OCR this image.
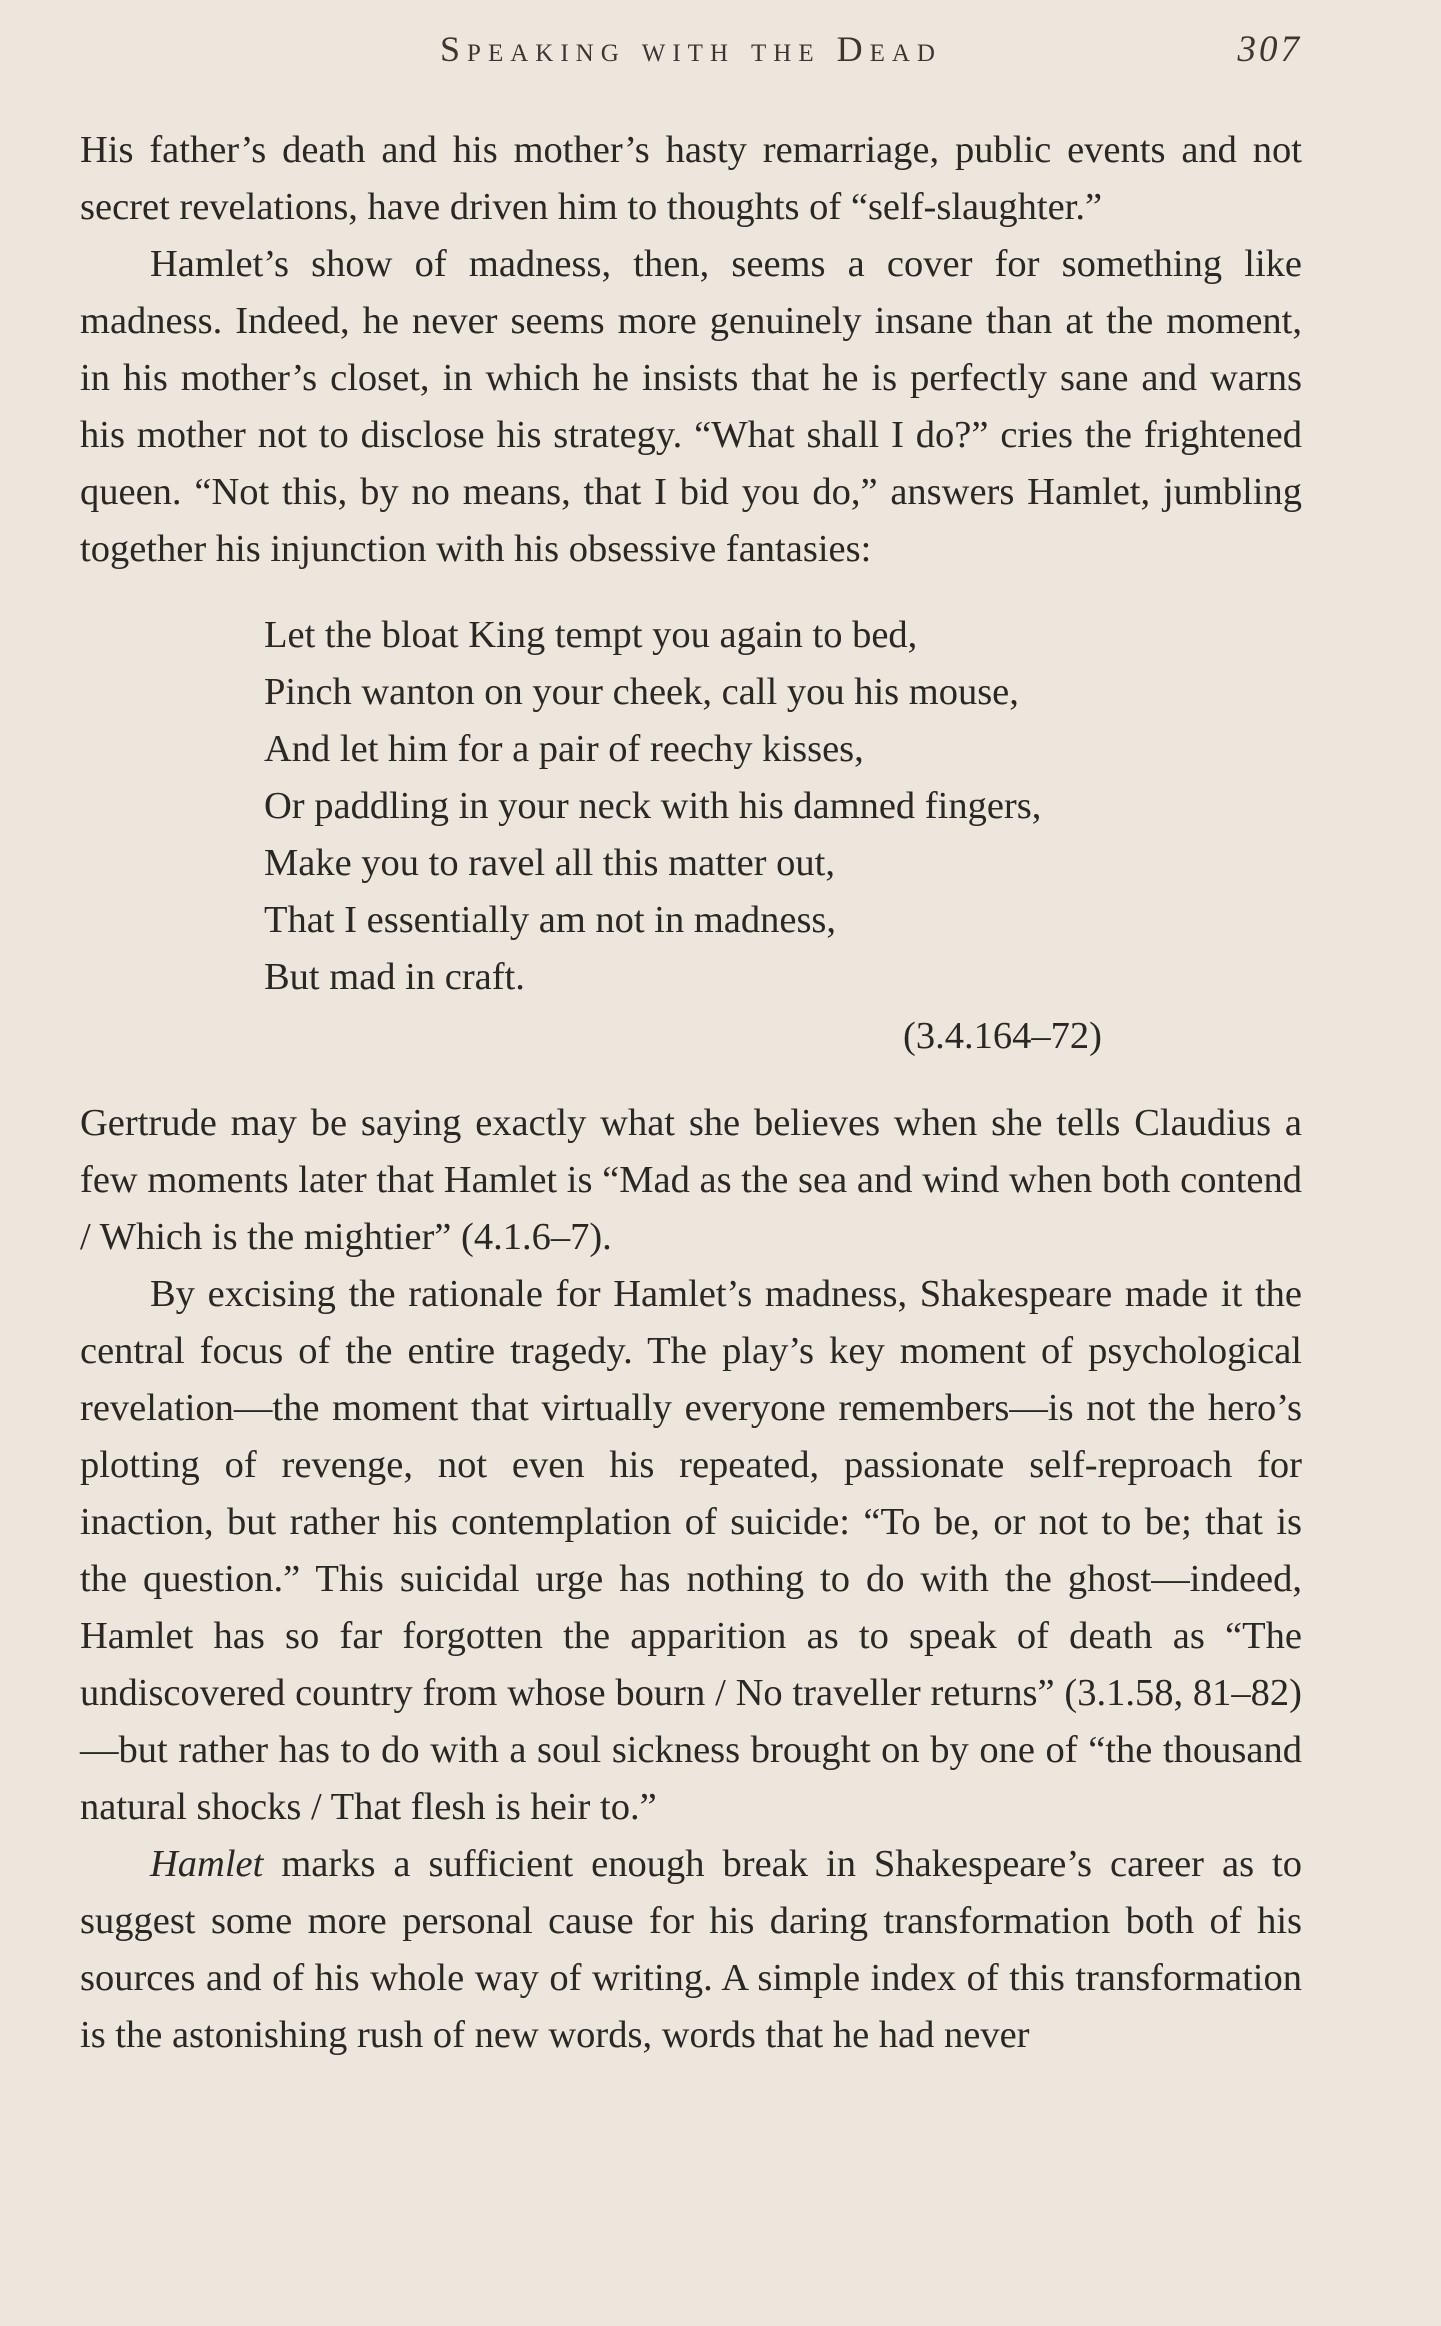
Speaking with the Dead	307

His father’s death and his mother’s hasty remarriage, public events and not secret revelations, have driven him to thoughts of “self-slaughter.”

Hamlet’s show of madness, then, seems a cover for something like madness. Indeed, he never seems more genuinely insane than at the moment, in his mother’s closet, in which he insists that he is perfectly sane and warns his mother not to disclose his strategy. “What shall I do?” cries the frightened queen. “Not this, by no means, that I bid you do,” answers Hamlet, jumbling together his injunction with his obsessive fantasies:

Let the bloat King tempt you again to bed,
Pinch wanton on your cheek, call you his mouse,
And let him for a pair of reechy kisses,
Or paddling in your neck with his damned fingers,
Make you to ravel all this matter out,
That I essentially am not in madness,
But mad in craft.
(3.4.164–72)

Gertrude may be saying exactly what she believes when she tells Claudius a few moments later that Hamlet is “Mad as the sea and wind when both contend / Which is the mightier” (4.1.6–7).

By excising the rationale for Hamlet’s madness, Shakespeare made it the central focus of the entire tragedy. The play’s key moment of psychological revelation—the moment that virtually everyone remembers—is not the hero’s plotting of revenge, not even his repeated, passionate self-reproach for inaction, but rather his contemplation of suicide: “To be, or not to be; that is the question.” This suicidal urge has nothing to do with the ghost—indeed, Hamlet has so far forgotten the apparition as to speak of death as “The undiscovered country from whose bourn / No traveller returns” (3.1.58, 81–82)—but rather has to do with a soul sickness brought on by one of “the thousand natural shocks / That flesh is heir to.”

Hamlet marks a sufficient enough break in Shakespeare’s career as to suggest some more personal cause for his daring transformation both of his sources and of his whole way of writing. A simple index of this transformation is the astonishing rush of new words, words that he had never
